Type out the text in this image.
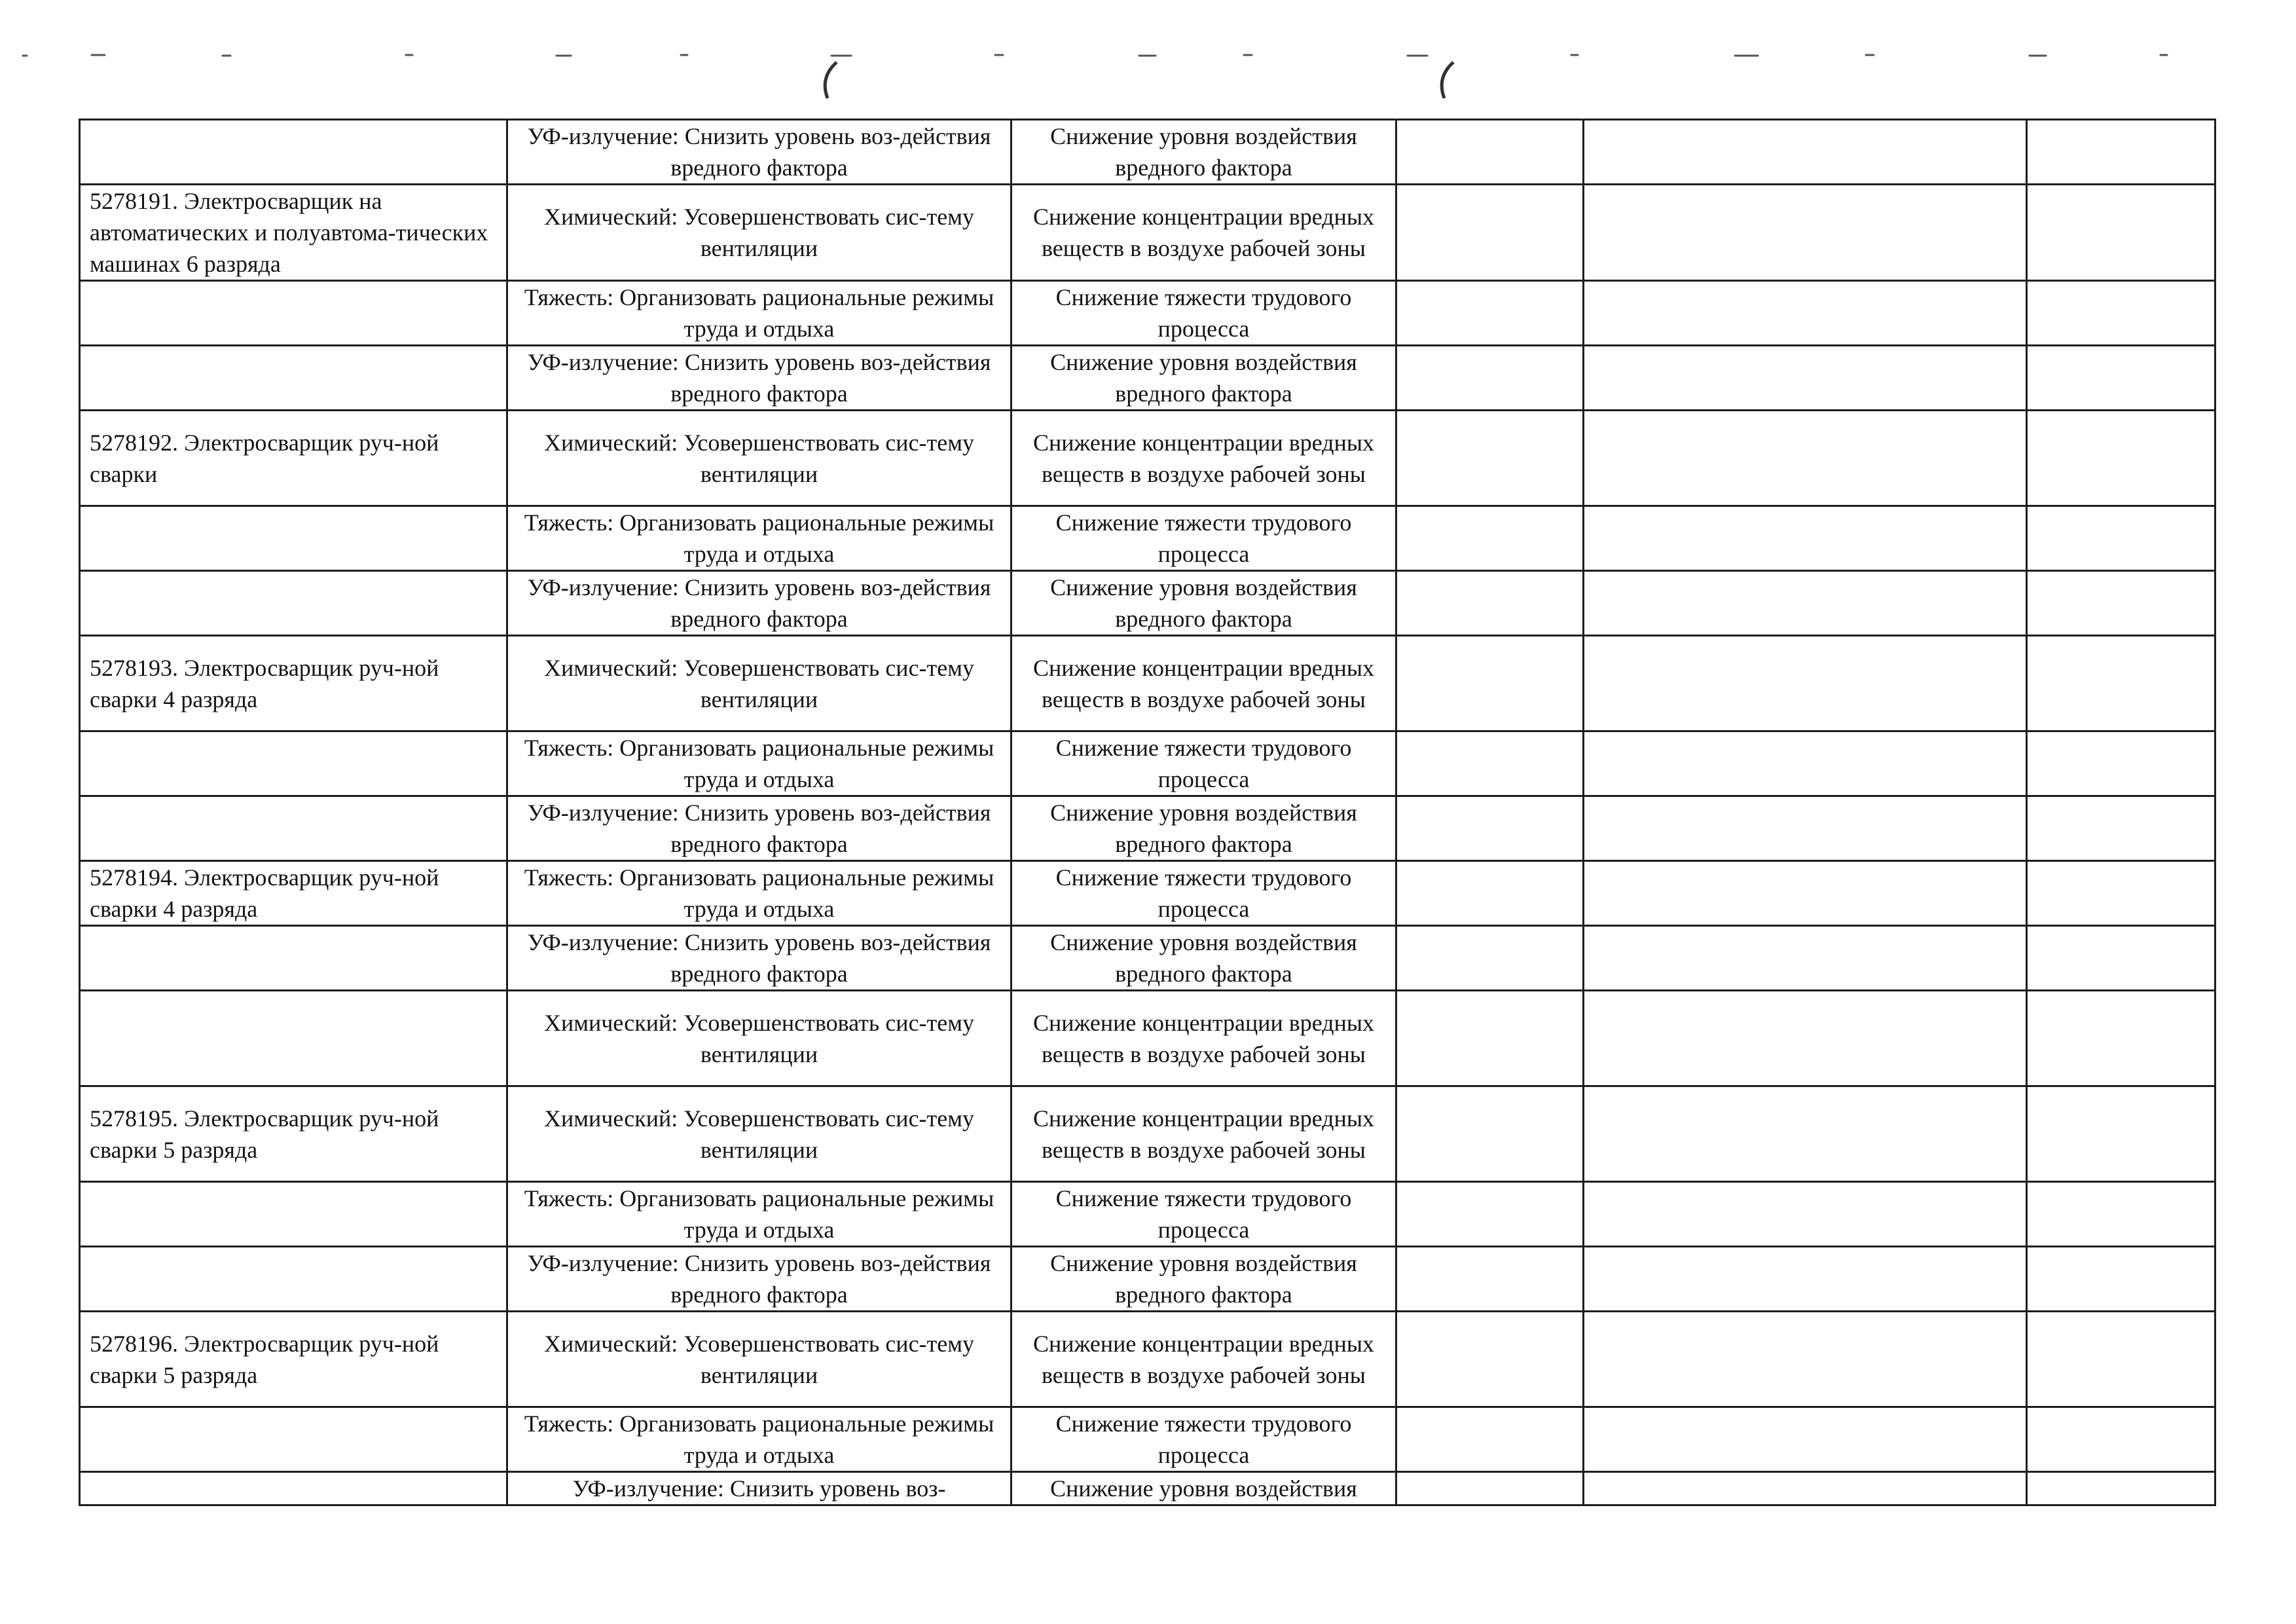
	УФ-излучение: Снизить уровень воз-действия вредного фактора	Снижение уровня воздействия вредного фактора			
5278191. Электросварщик на автоматических и полуавтома-тических машинах 6 разряда	Химический: Усовершенствовать сис-тему вентиляции	Снижение концентрации вредных веществ в воздухе рабочей зоны			
	Тяжесть: Организовать рациональные режимы труда и отдыха	Снижение тяжести трудового процесса			
	УФ-излучение: Снизить уровень воз-действия вредного фактора	Снижение уровня воздействия вредного фактора			
5278192. Электросварщик руч-ной сварки	Химический: Усовершенствовать сис-тему вентиляции	Снижение концентрации вредных веществ в воздухе рабочей зоны			
	Тяжесть: Организовать рациональные режимы труда и отдыха	Снижение тяжести трудового процесса			
	УФ-излучение: Снизить уровень воз-действия вредного фактора	Снижение уровня воздействия вредного фактора			
5278193. Электросварщик руч-ной сварки 4 разряда	Химический: Усовершенствовать сис-тему вентиляции	Снижение концентрации вредных веществ в воздухе рабочей зоны			
	Тяжесть: Организовать рациональные режимы труда и отдыха	Снижение тяжести трудового процесса			
	УФ-излучение: Снизить уровень воз-действия вредного фактора	Снижение уровня воздействия вредного фактора			
5278194. Электросварщик руч-ной сварки 4 разряда	Тяжесть: Организовать рациональные режимы труда и отдыха	Снижение тяжести трудового процесса			
	УФ-излучение: Снизить уровень воз-действия вредного фактора	Снижение уровня воздействия вредного фактора			
	Химический: Усовершенствовать сис-тему вентиляции	Снижение концентрации вредных веществ в воздухе рабочей зоны			
5278195. Электросварщик руч-ной сварки 5 разряда	Химический: Усовершенствовать сис-тему вентиляции	Снижение концентрации вредных веществ в воздухе рабочей зоны			
	Тяжесть: Организовать рациональные режимы труда и отдыха	Снижение тяжести трудового процесса			
	УФ-излучение: Снизить уровень воз-действия вредного фактора	Снижение уровня воздействия вредного фактора			
5278196. Электросварщик руч-ной сварки 5 разряда	Химический: Усовершенствовать сис-тему вентиляции	Снижение концентрации вредных веществ в воздухе рабочей зоны			
	Тяжесть: Организовать рациональные режимы труда и отдыха	Снижение тяжести трудового процесса			
	УФ-излучение: Снизить уровень воз-	Снижение уровня воздействия			
